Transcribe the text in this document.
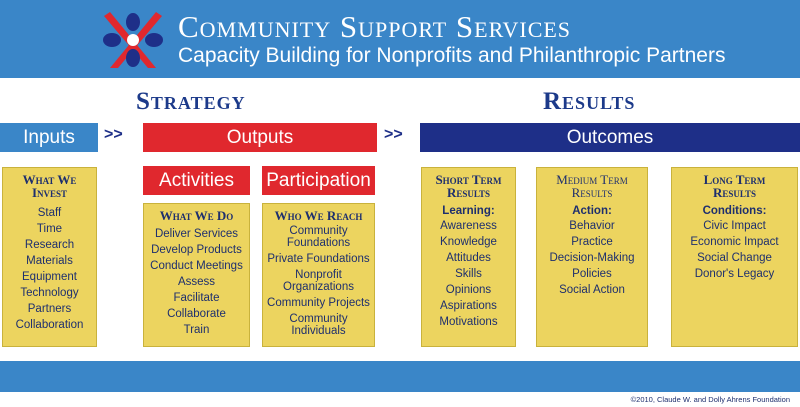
Community Support Services
Capacity Building for Nonprofits and Philanthropic Partners
Strategy	Results
Inputs >>	Outputs	>>	Outcomes
Activities Participation
What We
Invest
Staff
Time
Research
Materials
Equipment
Technology
Partners
Collaboration
What We Do
Deliver Services
Develop Products
Conduct Meetings
Assess
Facilitate
Collaborate
Train
Who We Reach
Community Foundations
Private Foundations
Nonprofit Organizations
Community Projects
Community Individuals
Short Term
Results
Learning:
Awareness
Knowledge
Attitudes
Skills
Opinions
Aspirations
Motivations
Medium Term
Results
Action:
Behavior
Practice
Decision-Making
Policies
Social Action
Long Term
Results
Conditions:
Civic Impact
Economic Impact
Social Change
Donor's Legacy
©2010, Claude W. and Dolly Ahrens Foundation
